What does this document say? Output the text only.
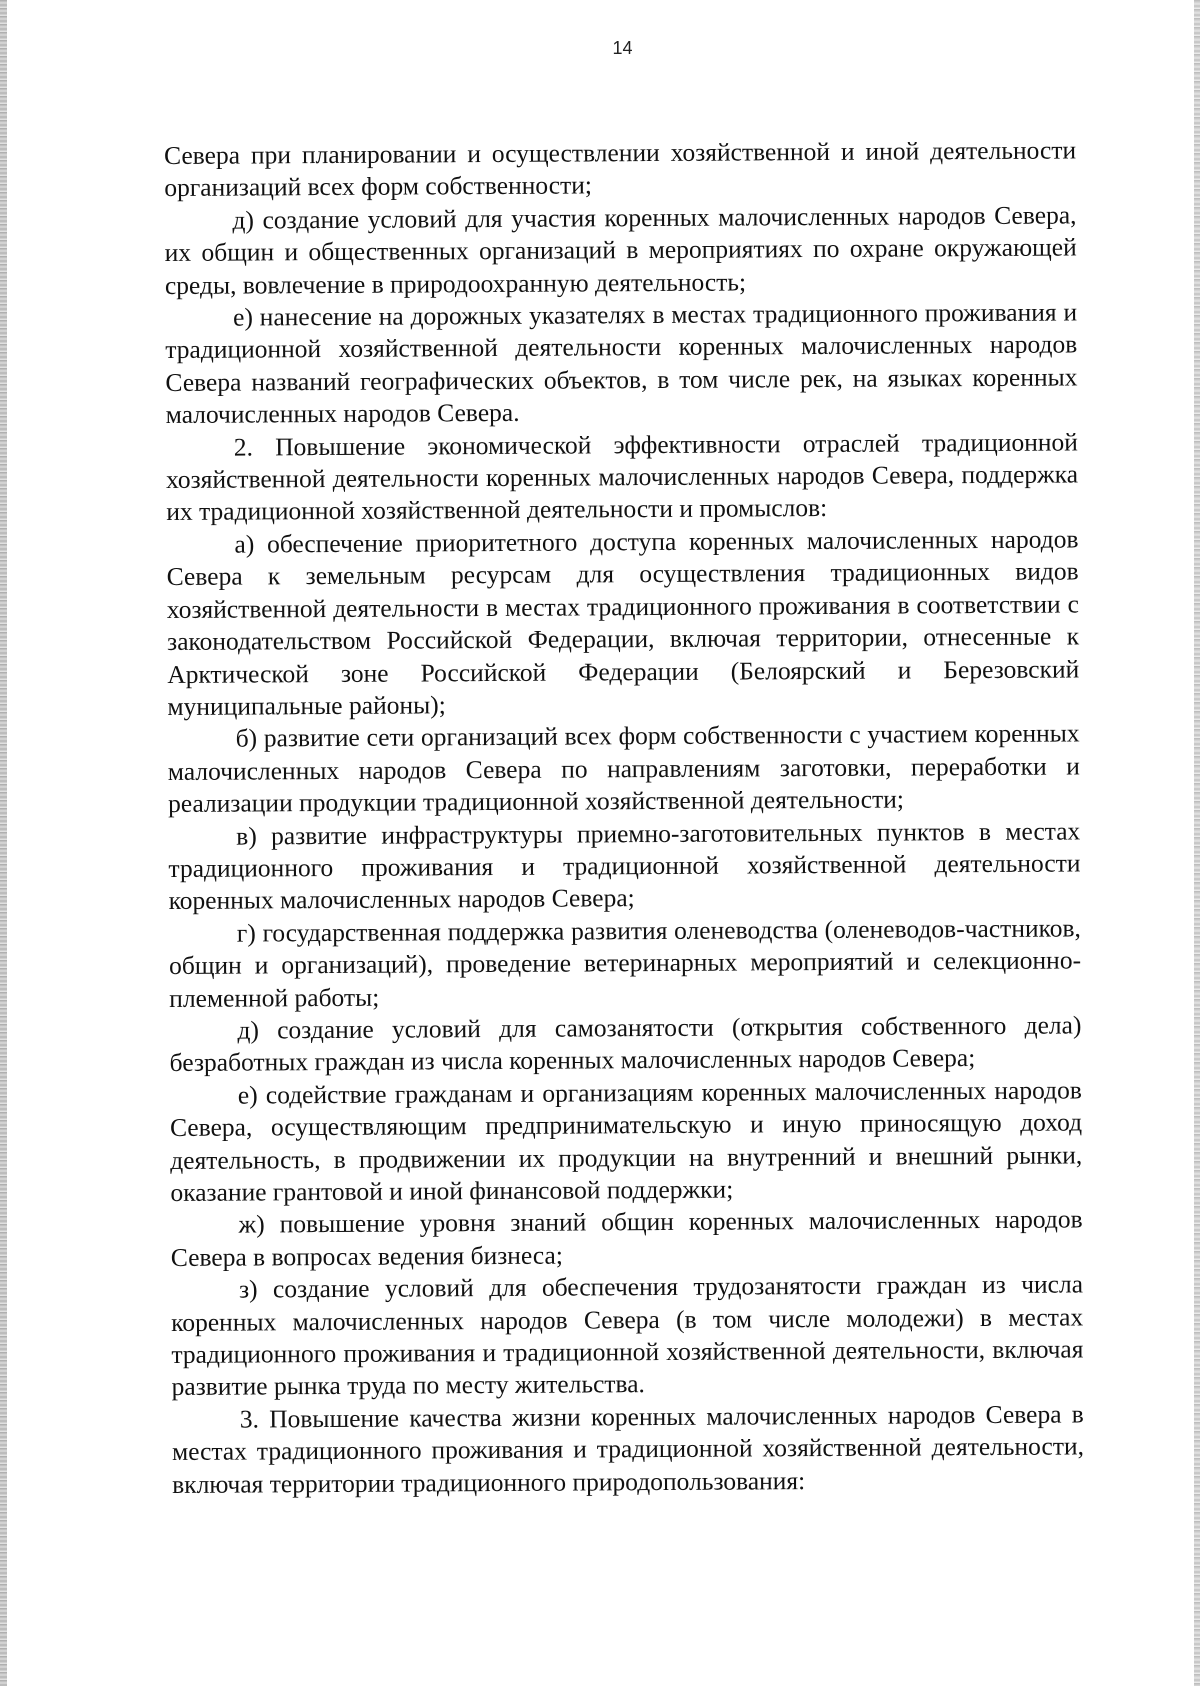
14

Севера при планировании и осуществлении хозяйственной и иной деятельности организаций всех форм собственности;

д) создание условий для участия коренных малочисленных народов Севера, их общин и общественных организаций в мероприятиях по охране окружающей среды, вовлечение в природоохранную деятельность;

е) нанесение на дорожных указателях в местах традиционного проживания и традиционной хозяйственной деятельности коренных малочисленных народов Севера названий географических объектов, в том числе рек, на языках коренных малочисленных народов Севера.

2. Повышение экономической эффективности отраслей традиционной хозяйственной деятельности коренных малочисленных народов Севера, поддержка их традиционной хозяйственной деятельности и промыслов:

а) обеспечение приоритетного доступа коренных малочисленных народов Севера к земельным ресурсам для осуществления традиционных видов хозяйственной деятельности в местах традиционного проживания в соответствии с законодательством Российской Федерации, включая территории, отнесенные к Арктической зоне Российской Федерации (Белоярский и Березовский муниципальные районы);

б) развитие сети организаций всех форм собственности с участием коренных малочисленных народов Севера по направлениям заготовки, переработки и реализации продукции традиционной хозяйственной деятельности;

в) развитие инфраструктуры приемно-заготовительных пунктов в местах традиционного проживания и традиционной хозяйственной деятельности коренных малочисленных народов Севера;

г) государственная поддержка развития оленеводства (оленеводов-частников, общин и организаций), проведение ветеринарных мероприятий и селекционно-племенной работы;

д) создание условий для самозанятости (открытия собственного дела) безработных граждан из числа коренных малочисленных народов Севера;

е) содействие гражданам и организациям коренных малочисленных народов Севера, осуществляющим предпринимательскую и иную приносящую доход деятельность, в продвижении их продукции на внутренний и внешний рынки, оказание грантовой и иной финансовой поддержки;

ж) повышение уровня знаний общин коренных малочисленных народов Севера в вопросах ведения бизнеса;

з) создание условий для обеспечения трудозанятости граждан из числа коренных малочисленных народов Севера (в том числе молодежи) в местах традиционного проживания и традиционной хозяйственной деятельности, включая развитие рынка труда по месту жительства.

3. Повышение качества жизни коренных малочисленных народов Севера в местах традиционного проживания и традиционной хозяйственной деятельности, включая территории традиционного природопользования:
